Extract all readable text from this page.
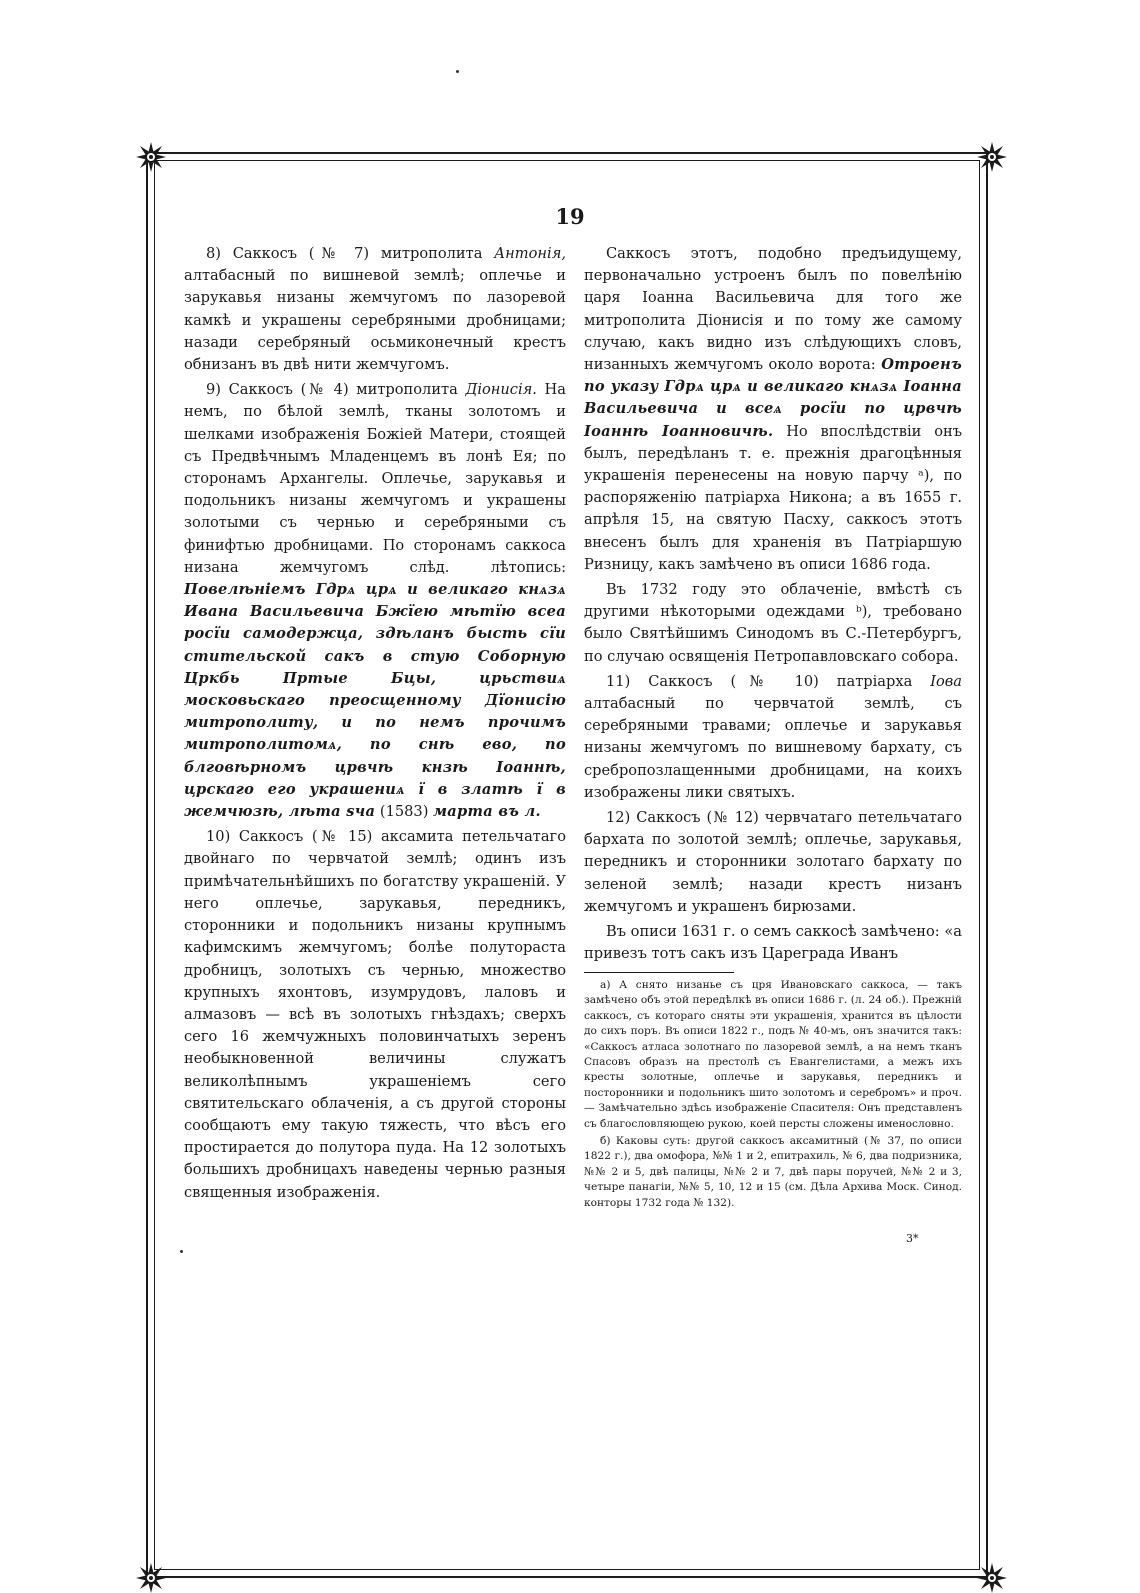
19

8) Саккосъ (№ 7) митрополита Антонія, алтабасный по вишневой землѣ; оплечье и зарукавья низаны жемчугомъ по лазоревой камкѣ и украшены серебряными дробницами; назади серебряный осьмиконечный крестъ обнизанъ въ двѣ нити жемчугомъ.

9) Саккосъ (№ 4) митрополита Діонисія. На немъ, по бѣлой землѣ, тканы золотомъ и шелками изображенія Божіей Матери, стоящей съ Предвѣчнымъ Младенцемъ въ лонѣ Ея; по сторонамъ Архангелы. Оплечье, зарукавья и подольникъ низаны жемчугомъ и украшены золотыми съ чернью и серебряными съ финифтью дробницами. По сторонамъ саккоса низана жемчугомъ слѣд. лѣтопись: Повелѣніемъ Гдрѧ црѧ и великаго кнѧзѧ Ивана Васильевича Бжїею мѣтїю всеа росїи самодержца, здѣланъ бысть сїи стительской сакъ в стую Соборную Цркбь Пртые Бцы, црьствиѧ московьскаго преосщенному Дїонисію митрополиту, и по немъ прочимъ митрополитомѧ, по снѣ ево, по блговѣрномъ црвчѣ кнзѣ Іоаннѣ, црскаго его украшениѧ ї в златѣ ї в жемчюзѣ, лѣта ѕча (1583) марта въ л.

10) Саккосъ (№ 15) аксамита петельчатаго двойнаго по червчатой землѣ; одинъ изъ примѣчательнѣйшихъ по богатству украшеній. У него оплечье, зарукавья, передникъ, сторонники и подольникъ низаны крупнымъ кафимскимъ жемчугомъ; болѣе полутораста дробницъ, золотыхъ съ чернью, множество крупныхъ яхонтовъ, изумрудовъ, лаловъ и алмазовъ — всѣ въ золотыхъ гнѣздахъ; сверхъ сего 16 жемчужныхъ половинчатыхъ зеренъ необыкновенной величины служатъ великолѣпнымъ украшеніемъ сего святительскаго облаченія, а съ другой стороны сообщаютъ ему такую тяжесть, что вѣсъ его простирается до полутора пуда. На 12 золотыхъ большихъ дробницахъ наведены чернью разныя священныя изображенія.

Саккосъ этотъ, подобно предъидущему, первоначально устроенъ былъ по повелѣнію царя Іоанна Васильевича для того же митрополита Діонисія и по тому же самому случаю, какъ видно изъ слѣдующихъ словъ, низанныхъ жемчугомъ около ворота: Отроенъ по указу Гдрѧ црѧ и великаго кнѧзѧ Іоанна Васильевича и всеѧ росїи по црвчѣ Іоаннѣ Іоанновичѣ. Но впослѣдствіи онъ былъ, передѣланъ т. е. прежнія драгоцѣнныя украшенія перенесены на новую парчу ᵃ), по распоряженію патріарха Никона; а въ 1655 г. апрѣля 15, на святую Пасху, саккосъ этотъ внесенъ былъ для храненія въ Патріаршую Ризницу, какъ замѣчено въ описи 1686 года.

Въ 1732 году это облаченіе, вмѣстѣ съ другими нѣкоторыми одеждами ᵇ), требовано было Святѣйшимъ Синодомъ въ С.-Петербургъ, по случаю освященія Петропавловскаго собора.

11) Саккосъ (№ 10) патріарха Іова алтабасный по червчатой землѣ, съ серебряными травами; оплечье и зарукавья низаны жемчугомъ по вишневому бархату, съ сребропозлащенными дробницами, на коихъ изображены лики святыхъ.

12) Саккосъ (№ 12) червчатаго петельчатаго бархата по золотой землѣ; оплечье, зарукавья, передникъ и сторонники золотаго бархату по зеленой землѣ; назади крестъ низанъ жемчугомъ и украшенъ бирюзами.

Въ описи 1631 г. о семъ саккосѣ замѣчено: «а привезъ тотъ сакъ изъ Цареграда Иванъ

а) А снято низанье съ цря Ивановскаго саккоса, — такъ замѣчено объ этой передѣлкѣ въ описи 1686 г. (л. 24 об.). Прежній саккосъ, съ котораго сняты эти украшенія, хранится въ цѣлости до сихъ поръ. Въ описи 1822 г., подъ № 40-мъ, онъ значится такъ: «Саккосъ атласа золотнаго по лазоревой землѣ, а на немъ тканъ Спасовъ образъ на престолѣ съ Евангелистами, а межъ ихъ кресты золотные, оплечье и зарукавья, передникъ и посторонники и подольникъ шито золотомъ и серебромъ» и проч. — Замѣчательно здѣсь изображеніе Спасителя: Онъ представленъ съ благословляющею рукою, коей персты сложены именословно.

б) Каковы суть: другой саккосъ аксамитный (№ 37, по описи 1822 г.), два омофора, №№ 1 и 2, епитрахиль, № 6, два подризника, №№ 2 и 5, двѣ палицы, №№ 2 и 7, двѣ пары поручей, №№ 2 и 3, четыре панагіи, №№ 5, 10, 12 и 15 (см. Дѣла Архива Моск. Синод. конторы 1732 года № 132).

3*
